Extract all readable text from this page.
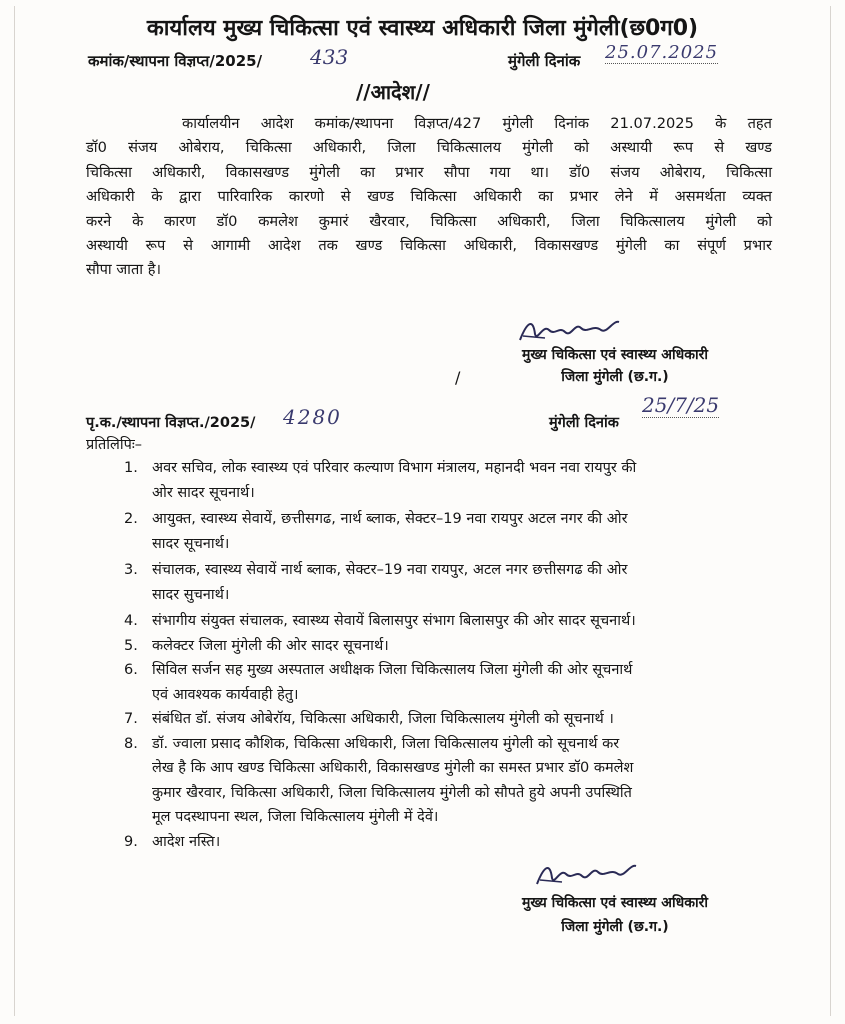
कार्यालय मुख्य चिकित्सा एवं स्वास्थ्य अधिकारी जिला मुंगेली(छ0ग0)
कमांक/स्थापना विज्ञप्त/2025/ 433	मुंगेली दिनांक 25.07.2025
//आदेश//
कार्यालयीन आदेश कमांक/स्थापना विज्ञप्त/427 मुंगेली दिनांक 21.07.2025 के तहत
डॉ0 संजय ओबेराय, चिकित्सा अधिकारी, जिला चिकित्सालय मुंगेली को अस्थायी रूप से खण्ड
चिकित्सा अधिकारी, विकासखण्ड मुंगेली का प्रभार सौपा गया था। डॉ0 संजय ओबेराय, चिकित्सा
अधिकारी के द्वारा पारिवारिक कारणो से खण्ड चिकित्सा अधिकारी का प्रभार लेने में असमर्थता व्यक्त
करने के कारण डॉ0 कमलेश कुमारं खैरवार, चिकित्सा अधिकारी, जिला चिकित्सालय मुंगेली को
अस्थायी रूप से आगामी आदेश तक खण्ड चिकित्सा अधिकारी, विकासखण्ड मुंगेली का संपूर्ण प्रभार
सौपा जाता है।
मुख्य चिकित्सा एवं स्वास्थ्य अधिकारी
जिला मुंगेली (छ.ग.)
/
पृ.क./स्थापना विज्ञप्त./2025/ 4280	मुंगेली दिनांक
25/7/25
प्रतिलिपिः–
1. अवर सचिव, लोक स्वास्थ्य एवं परिवार कल्याण विभाग मंत्रालय, महानदी भवन नवा रायपुर की
ओर सादर सूचनार्थ।
2. आयुक्त, स्वास्थ्य सेवायें, छत्तीसगढ, नार्थ ब्लाक, सेक्टर–19 नवा रायपुर अटल नगर की ओर
सादर सूचनार्थ।
3. संचालक, स्वास्थ्य सेवायें नार्थ ब्लाक, सेक्टर–19 नवा रायपुर, अटल नगर छत्तीसगढ की ओर
सादर सुचनार्थ।
4. संभागीय संयुक्त संचालक, स्वास्थ्य सेवायें बिलासपुर संभाग बिलासपुर की ओर सादर सूचनार्थ।
5. कलेक्टर जिला मुंगेली की ओर सादर सूचनार्थ।
6. सिविल सर्जन सह मुख्य अस्पताल अधीक्षक जिला चिकित्सालय जिला मुंगेली की ओर सूचनार्थ
एवं आवश्यक कार्यवाही हेतु।
7. संबंधित डॉ. संजय ओबेरॉय, चिकित्सा अधिकारी, जिला चिकित्सालय मुंगेली को सूचनार्थ ।
8. डॉ. ज्वाला प्रसाद कौशिक, चिकित्सा अधिकारी, जिला चिकित्सालय मुंगेली को सूचनार्थ कर
लेख है कि आप खण्ड चिकित्सा अधिकारी, विकासखण्ड मुंगेली का समस्त प्रभार डॉ0 कमलेश
कुमार खैरवार, चिकित्सा अधिकारी, जिला चिकित्सालय मुंगेली को सौपते हुये अपनी उपस्थिति
मूल पदस्थापना स्थल, जिला चिकित्सालय मुंगेली में देवें।
9. आदेश नस्ति।
मुख्य चिकित्सा एवं स्वास्थ्य अधिकारी
जिला मुंगेली (छ.ग.)
